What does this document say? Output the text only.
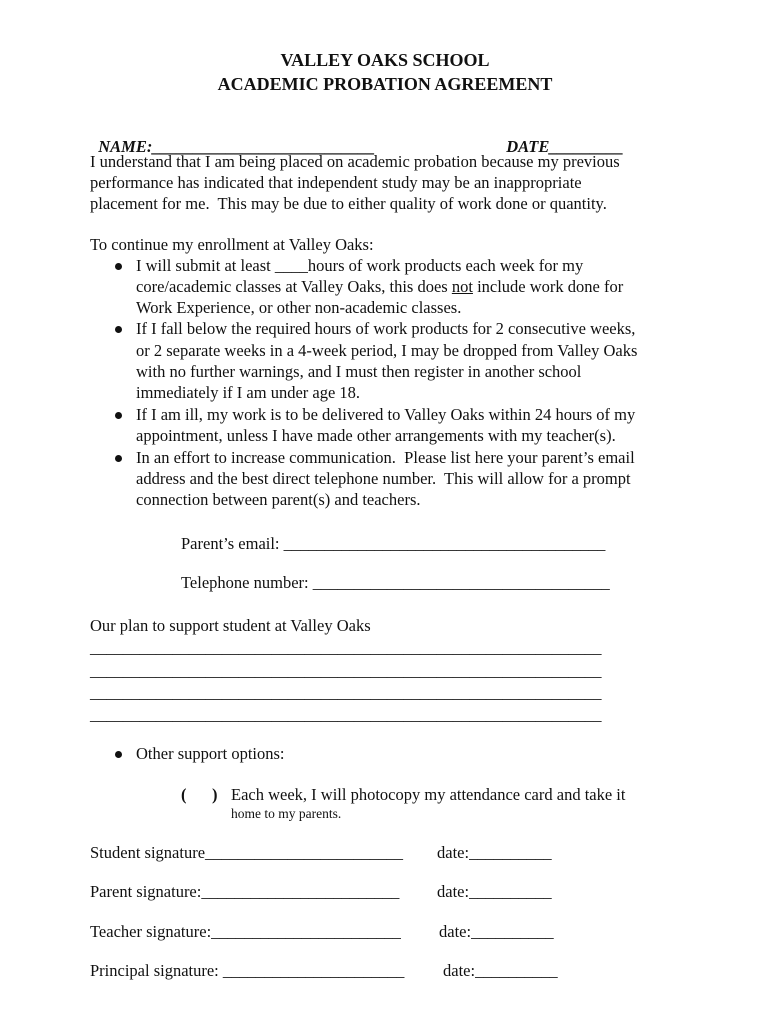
VALLEY OAKS SCHOOL
ACADEMIC PROBATION AGREEMENT

NAME:___________________________	DATE_________

I understand that I am being placed on academic probation because my previous
performance has indicated that independent study may be an inappropriate
placement for me.  This may be due to either quality of work done or quantity.
To continue my enrollment at Valley Oaks:
I will submit at least ____hours of work products each week for my
core/academic classes at Valley Oaks, this does not include work done for
Work Experience, or other non-academic classes.
If I fall below the required hours of work products for 2 consecutive weeks,
or 2 separate weeks in a 4-week period, I may be dropped from Valley Oaks
with no further warnings, and I must then register in another school
immediately if I am under age 18.
If I am ill, my work is to be delivered to Valley Oaks within 24 hours of my
appointment, unless I have made other arrangements with my teacher(s).
In an effort to increase communication.  Please list here your parent’s email
address and the best direct telephone number.  This will allow for a prompt
connection between parent(s) and teachers.
Parent’s email: _______________________________________
Telephone number: ____________________________________
Our plan to support student at Valley Oaks
______________________________________________________________
______________________________________________________________
______________________________________________________________
______________________________________________________________
Other support options:
( ) Each week, I will photocopy my attendance card and take it
home to my parents.
Student signature________________________ date:__________
Parent signature:________________________ date:__________
Teacher signature:_______________________ date:__________
Principal signature: ______________________ date:__________
